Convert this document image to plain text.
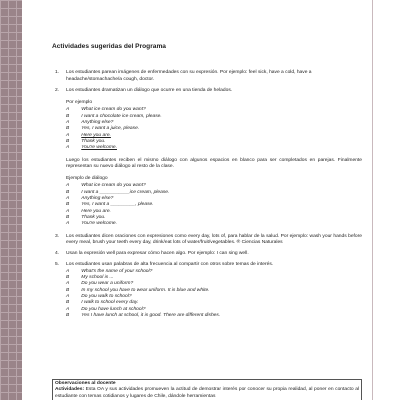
Actividades sugeridas del Programa
1. Los estudiantes parean imágenes de enfermedades con su expresión. Por ejemplo: feel sick, have a cold, have a headache/stomachache/a cough, doctor.
2. Los estudiantes dramatizan un diálogo que ocurre en una tienda de helados.
Por ejemplo
A What ice cream do you want?
B I want a chocolate ice cream, please.
A Anything else?
B Yes, I want a juice, please.
A Here you are.
B Thank you.
A You're welcome.
Luego los estudiantes reciben el mismo diálogo con algunos espacios en blanco para ser completados en parejas. Finalmente representan su nuevo diálogo al resto de la clase.
Ejemplo de diálogo
A What ice cream do you want?
B I want a ___________ice cream, please.
A Anything else?
B Yes, I want a _________, please.
A Here you are.
B Thank you.
A You're welcome.
3. Los estudiantes dicen oraciones con expresiones como every day, lots of, para hablar de la salud. Por ejemplo: wash your hands before every meal, brush your teeth every day, drink/eat lots of water/fruit/vegetables. ® Ciencias Naturales
4. Usan la expresión well para expresar cómo hacen algo. Por ejemplo: I can sing well.
5. Los estudiantes usan palabras de alta frecuencia al compartir con otros sobre temas de interés.
A What's the name of your school?
B My school is ...
A Do you wear a uniform?
B In my school you have to wear uniform. It is blue and white.
A Do you walk to school?
B I walk to school every day.
A Do you have lunch at school?
B Yes I have lunch at school, it is good. There are different dishes.
Observaciones al docente
Actividades: Esta OA y sus actividades promueven la actitud de demostrar interés por conocer su propia realidad, al poner en contacto al estudiante con temas cotidianos y lugares de Chile, dándole herramientas
